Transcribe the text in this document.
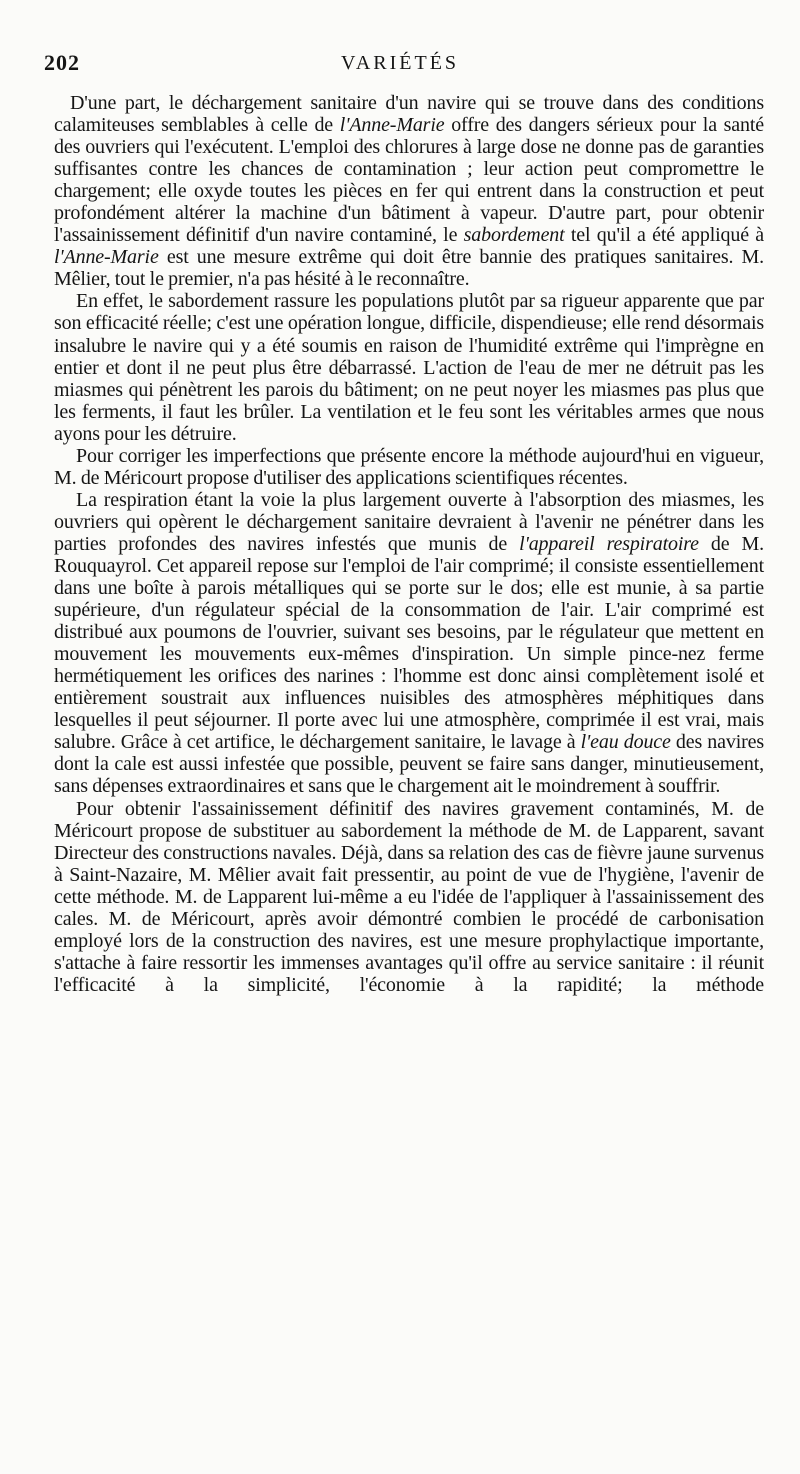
202	VARIÉTÉS

D'une part, le déchargement sanitaire d'un navire qui se trouve dans des conditions calamiteuses semblables à celle de l'Anne-Marie offre des dangers sérieux pour la santé des ouvriers qui l'exécutent. L'emploi des chlorures à large dose ne donne pas de garanties suffisantes contre les chances de contamination ; leur action peut compromettre le chargement; elle oxyde toutes les pièces en fer qui entrent dans la construction et peut profondément altérer la machine d'un bâtiment à vapeur. D'autre part, pour obtenir l'assainissement définitif d'un navire contaminé, le sabordement tel qu'il a été appliqué à l'Anne-Marie est une mesure extrême qui doit être bannie des pratiques sanitaires. M. Mêlier, tout le premier, n'a pas hésité à le reconnaître.

En effet, le sabordement rassure les populations plutôt par sa rigueur apparente que par son efficacité réelle; c'est une opération longue, difficile, dispendieuse; elle rend désormais insalubre le navire qui y a été soumis en raison de l'humidité extrême qui l'imprègne en entier et dont il ne peut plus être débarrassé. L'action de l'eau de mer ne détruit pas les miasmes qui pénètrent les parois du bâtiment; on ne peut noyer les miasmes pas plus que les ferments, il faut les brûler. La ventilation et le feu sont les véritables armes que nous ayons pour les détruire.

Pour corriger les imperfections que présente encore la méthode aujourd'hui en vigueur, M. de Méricourt propose d'utiliser des applications scientifiques récentes.

La respiration étant la voie la plus largement ouverte à l'absorption des miasmes, les ouvriers qui opèrent le déchargement sanitaire devraient à l'avenir ne pénétrer dans les parties profondes des navires infestés que munis de l'appareil respiratoire de M. Rouquayrol. Cet appareil repose sur l'emploi de l'air comprimé; il consiste essentiellement dans une boîte à parois métalliques qui se porte sur le dos; elle est munie, à sa partie supérieure, d'un régulateur spécial de la consommation de l'air. L'air comprimé est distribué aux poumons de l'ouvrier, suivant ses besoins, par le régulateur que mettent en mouvement les mouvements eux-mêmes d'inspiration. Un simple pince-nez ferme hermétiquement les orifices des narines : l'homme est donc ainsi complètement isolé et entièrement soustrait aux influences nuisibles des atmosphères méphitiques dans lesquelles il peut séjourner. Il porte avec lui une atmosphère, comprimée il est vrai, mais salubre. Grâce à cet artifice, le déchargement sanitaire, le lavage à l'eau douce des navires dont la cale est aussi infestée que possible, peuvent se faire sans danger, minutieusement, sans dépenses extraordinaires et sans que le chargement ait le moindrement à souffrir.

Pour obtenir l'assainissement définitif des navires gravement contaminés, M. de Méricourt propose de substituer au sabordement la méthode de M. de Lapparent, savant Directeur des constructions navales. Déjà, dans sa relation des cas de fièvre jaune survenus à Saint-Nazaire, M. Mêlier avait fait pressentir, au point de vue de l'hygiène, l'avenir de cette méthode. M. de Lapparent lui-même a eu l'idée de l'appliquer à l'assainissement des cales. M. de Méricourt, après avoir démontré combien le procédé de carbonisation employé lors de la construction des navires, est une mesure prophylactique importante, s'attache à faire ressortir les immenses avantages qu'il offre au service sanitaire : il réunit l'efficacité à la simplicité, l'économie à la rapidité; la méthode
